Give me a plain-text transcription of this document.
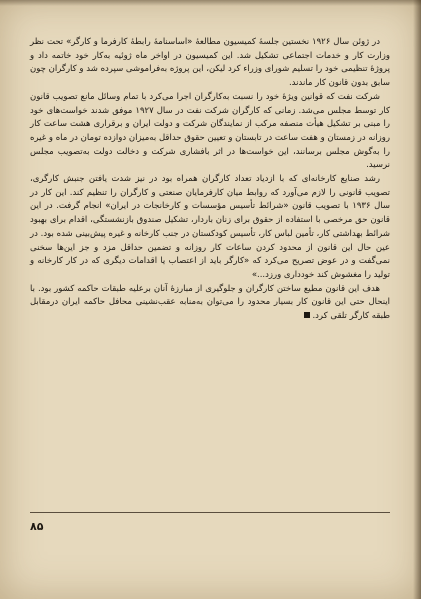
در ژوئن سال ۱۹۲۶ نخستین جلسهٔ کمیسیون مطالعهٔ «اساسنامهٔ رابطهٔ کارفرما و کارگر» تحت نظر وزارت کار و خدمات اجتماعی تشکیل شد. این کمیسیون در اواخر ماه ژوئیه به‌کار خود خاتمه داد و پروژهٔ تنظیمی خود را تسلیم شورای وزراء کرد لیکن، این پروژه به‌فراموشی سپرده شد و کارگران چون سابق بدون قانون کار ماندند.

شرکت نفت که قوانین ویژهٔ خود را نسبت به‌کارگران اجرا می‌کرد با تمام وسائل مانع تصویب قانون کار توسط مجلس می‌شد. زمانی که کارگران شرکت نفت در سال ۱۹۲۷ موفق شدند خواست‌های خود را مبنی بر تشکیل هیأت منصفه مرکب از نمایندگان شرکت و دولت ایران و برقراری هشت ساعت کار روزانه در زمستان و هفت ساعت در تابستان و تعیین حقوق حداقل به‌میزان دوازده تومان در ماه و غیره را به‌گوش مجلس برسانند، این خواست‌ها در اثر بافشاری شرکت و دخالت دولت به‌تصویب مجلس نرسید.

رشد صنایع کارخانه‌ای که با ازدیاد تعداد کارگران همراه بود در نیز شدت یافتن جنبش کارگری، تصویب قانونی را لازم می‌آورد که روابط میان کارفرمایان صنعتی و کارگران را تنظیم کند. این کار در سال ۱۹۳۶ با تصویب قانون «شرائط تأسیس مؤسسات و کارخانجات در ایران» انجام گرفت. در این قانون حق مرخصی با استفاده از حقوق برای زنان باردار، تشکیل صندوق بازنشستگی، اقدام برای بهبود شرائط بهداشتی کار، تأمین لباس کار، تأسیس کودکستان در جنب کارخانه و غیره پیش‌بینی شده بود. در عین حال این قانون از محدود کردن ساعات کار روزانه و تضمین حداقل مزد و جز این‌ها سخنی نمی‌گفت و در عوض تصریح می‌کرد که «کارگر باید از اعتصاب یا اقدامات دیگری که در کار کارخانه و تولید را مغشوش کند خودداری ورزد...»

هدف این قانون مطیع ساختن کارگران و جلوگیری از مبارزهٔ آنان برعلیه طبقات حاکمه کشور بود. با اینحال حتی این قانون کار بسیار محدود را می‌توان به‌منابه عقب‌نشینی محافل حاکمه ایران درمقابل طبقه کارگر تلقی کرد.

۸۵
